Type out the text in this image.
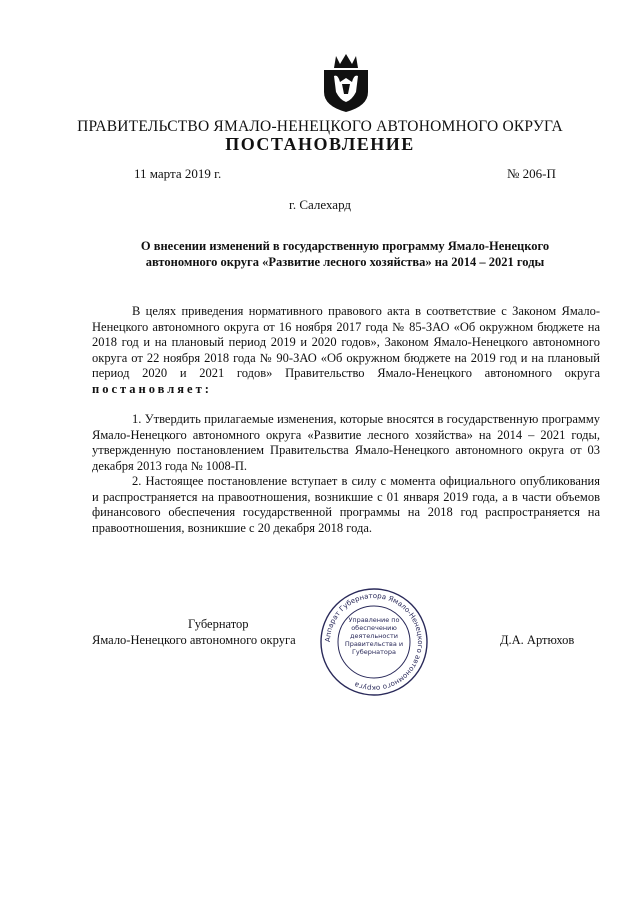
ПРАВИТЕЛЬСТВО ЯМАЛО-НЕНЕЦКОГО АВТОНОМНОГО ОКРУГА
ПОСТАНОВЛЕНИЕ
11 марта 2019 г.	№ 206-П
г. Салехард
О внесении изменений в государственную программу Ямало-Ненецкого автономного округа «Развитие лесного хозяйства» на 2014 – 2021 годы

В целях приведения нормативного правового акта в соответствие с Законом Ямало-Ненецкого автономного округа от 16 ноября 2017 года № 85-ЗАО «Об окружном бюджете на 2018 год и на плановый период 2019 и 2020 годов», Законом Ямало-Ненецкого автономного округа от 22 ноября 2018 года № 90-ЗАО «Об окружном бюджете на 2019 год и на плановый период 2020 и 2021 годов» Правительство Ямало-Ненецкого автономного округа постановляет:

1. Утвердить прилагаемые изменения, которые вносятся в государственную программу Ямало-Ненецкого автономного округа «Развитие лесного хозяйства» на 2014 – 2021 годы, утвержденную постановлением Правительства Ямало-Ненецкого автономного округа от 03 декабря 2013 года № 1008-П.

2. Настоящее постановление вступает в силу с момента официального опубликования и распространяется на правоотношения, возникшие с 01 января 2019 года, а в части объемов финансового обеспечения государственной программы на 2018 год распространяется на правоотношения, возникшие с 20 декабря 2018 года.

Губернатор
Ямало-Ненецкого автономного округа	Д.А. Артюхов
Аппарат Губернатора Ямало-Ненецкого автономного округа
Управление по обеспечению деятельности Правительства и Губернатора
